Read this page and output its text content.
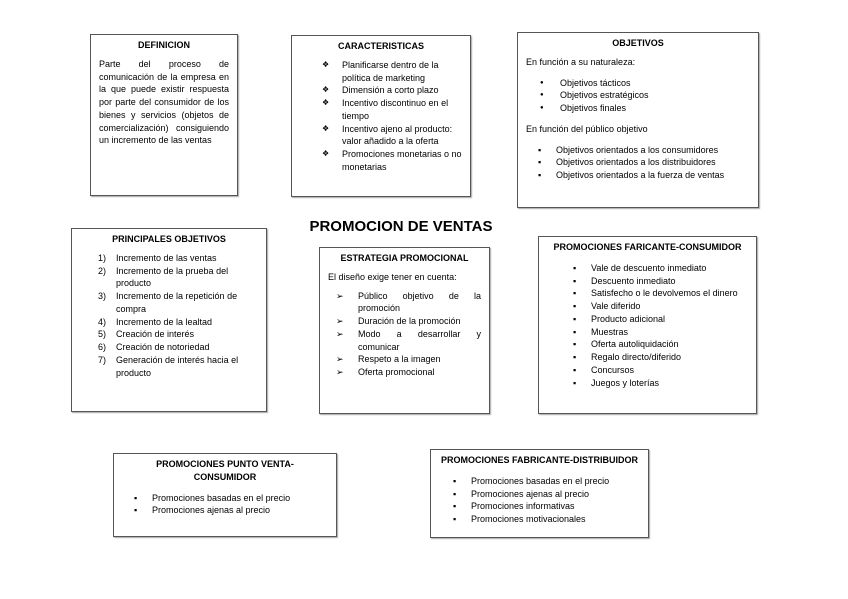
PROMOCION DE VENTAS
DEFINICION
Parte del proceso de comunicación de la empresa en la que puede existir respuesta por parte del consumidor de los bienes y servicios (objetos de comercialización) consiguiendo un incremento de las ventas
CARACTERISTICAS
❖ Planificarse dentro de la política de marketing
❖ Dimensión a corto plazo
❖ Incentivo discontinuo en el tiempo
❖ Incentivo ajeno al producto: valor añadido a la oferta
❖ Promociones monetarias o no monetarias
OBJETIVOS
En función a su naturaleza:
● Objetivos tácticos
● Objetivos estratégicos
● Objetivos finales
En función del público objetivo
▪ Objetivos orientados a los consumidores
▪ Objetivos orientados a los distribuidores
▪ Objetivos orientados a la fuerza de ventas
PRINCIPALES OBJETIVOS
1) Incremento de las ventas
2) Incremento de la prueba del producto
3) Incremento de la repetición de compra
4) Incremento de la lealtad
5) Creación de interés
6) Creación de notoriedad
7) Generación de interés hacia el producto
ESTRATEGIA PROMOCIONAL
El diseño exige tener en cuenta:
➢ Público objetivo de la promoción
➢ Duración de la promoción
➢ Modo a desarrollar y comunicar
➢ Respeto a la imagen
➢ Oferta promocional
PROMOCIONES FARICANTE-CONSUMIDOR
▪ Vale de descuento inmediato
▪ Descuento inmediato
▪ Satisfecho o le devolvemos el dinero
▪ Vale diferido
▪ Producto adicional
▪ Muestras
▪ Oferta autoliquidación
▪ Regalo directo/diferido
▪ Concursos
▪ Juegos y loterías
PROMOCIONES PUNTO VENTA-CONSUMIDOR
▪ Promociones basadas en el precio
▪ Promociones ajenas al precio
PROMOCIONES FABRICANTE-DISTRIBUIDOR
▪ Promociones basadas en el precio
▪ Promociones ajenas al precio
▪ Promociones informativas
▪ Promociones motivacionales
